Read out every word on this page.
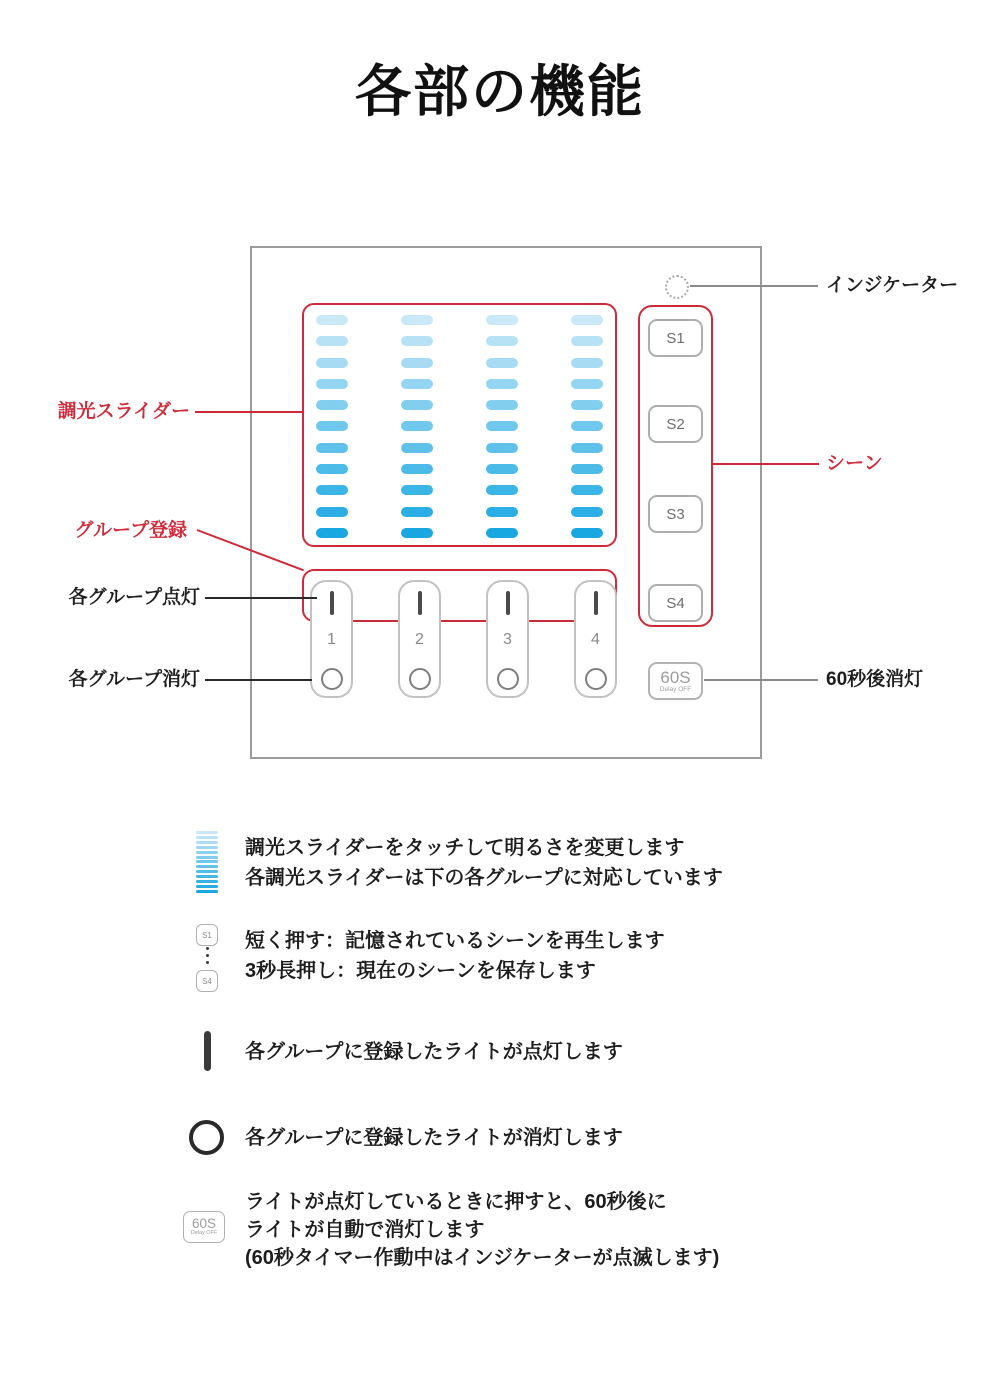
各部の機能
S1
S2
S3
S4
60S
Delay OFF
1	2	3	4
調光スライダー
グループ登録
各グループ点灯
各グループ消灯
インジケーター
シーン
60秒後消灯
調光スライダーをタッチして明るさを変更します
各調光スライダーは下の各グループに対応しています
S1
S4
短く押す：記憶されているシーンを再生します
3秒長押し：現在のシーンを保存します
各グループに登録したライトが点灯します
各グループに登録したライトが消灯します
60S
Delay OFF
ライトが点灯しているときに押すと、60秒後に
ライトが自動で消灯します
(60秒タイマー作動中はインジケーターが点滅します)
